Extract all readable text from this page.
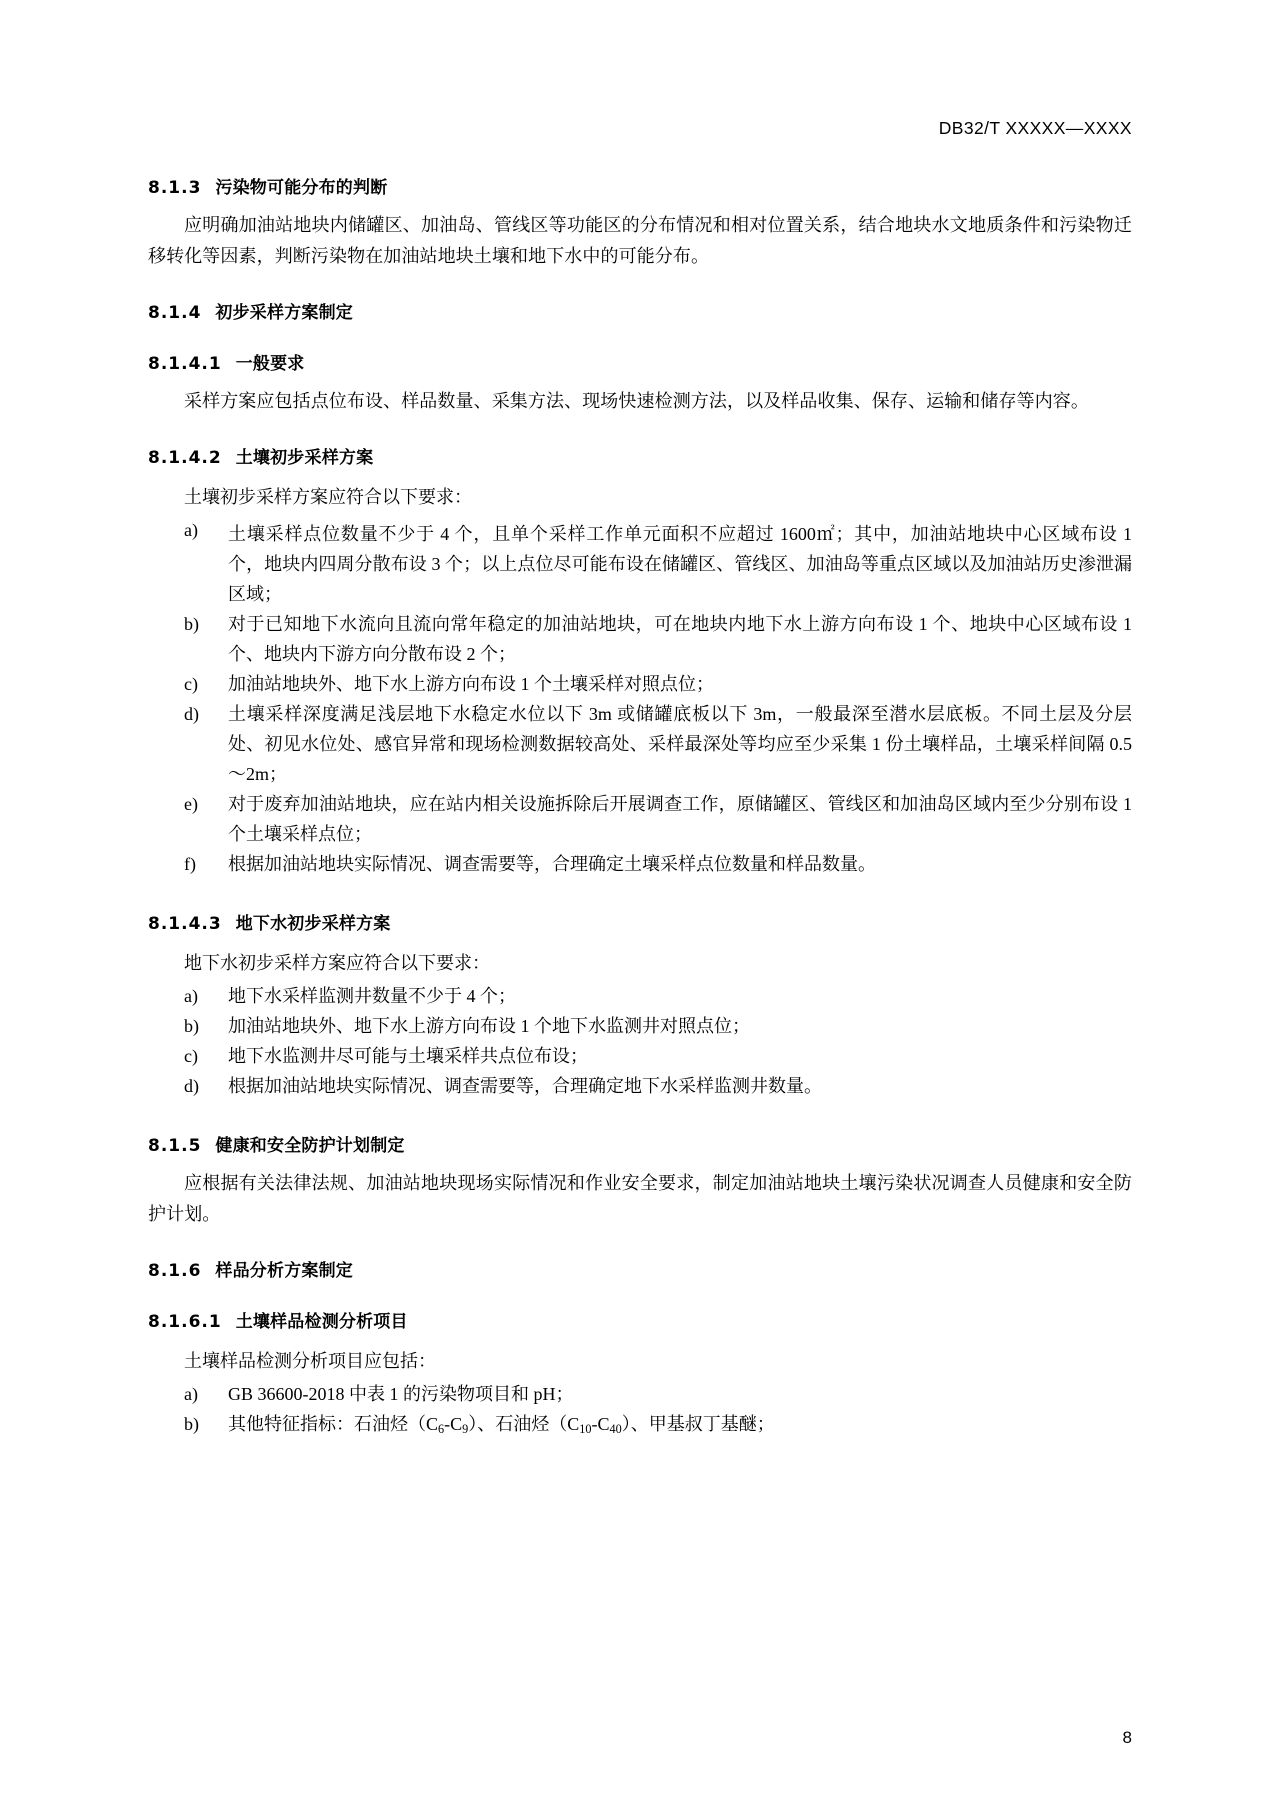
DB32/T XXXXX—XXXX
8.1.3 污染物可能分布的判断

应明确加油站地块内储罐区、加油岛、管线区等功能区的分布情况和相对位置关系，结合地块水文地质条件和污染物迁移转化等因素，判断污染物在加油站地块土壤和地下水中的可能分布。

8.1.4 初步采样方案制定
8.1.4.1 一般要求

采样方案应包括点位布设、样品数量、采集方法、现场快速检测方法，以及样品收集、保存、运输和储存等内容。

8.1.4.2 土壤初步采样方案

土壤初步采样方案应符合以下要求：

a)	土壤采样点位数量不少于 4 个，且单个采样工作单元面积不应超过 1600㎡；其中，加油站地块中心区域布设 1 个，地块内四周分散布设 3 个；以上点位尽可能布设在储罐区、管线区、加油岛等重点区域以及加油站历史渗泄漏区域；
b)	对于已知地下水流向且流向常年稳定的加油站地块，可在地块内地下水上游方向布设 1 个、地块中心区域布设 1 个、地块内下游方向分散布设 2 个；
c)	加油站地块外、地下水上游方向布设 1 个土壤采样对照点位；
d)	土壤采样深度满足浅层地下水稳定水位以下 3m 或储罐底板以下 3m，一般最深至潜水层底板。不同土层及分层处、初见水位处、感官异常和现场检测数据较高处、采样最深处等均应至少采集 1 份土壤样品，土壤采样间隔 0.5～2m；
e)	对于废弃加油站地块，应在站内相关设施拆除后开展调查工作，原储罐区、管线区和加油岛区域内至少分别布设 1 个土壤采样点位；
f)	根据加油站地块实际情况、调查需要等，合理确定土壤采样点位数量和样品数量。
8.1.4.3 地下水初步采样方案

地下水初步采样方案应符合以下要求：

a)	地下水采样监测井数量不少于 4 个；
b)	加油站地块外、地下水上游方向布设 1 个地下水监测井对照点位；
c)	地下水监测井尽可能与土壤采样共点位布设；
d)	根据加油站地块实际情况、调查需要等，合理确定地下水采样监测井数量。
8.1.5 健康和安全防护计划制定

应根据有关法律法规、加油站地块现场实际情况和作业安全要求，制定加油站地块土壤污染状况调查人员健康和安全防护计划。

8.1.6 样品分析方案制定
8.1.6.1 土壤样品检测分析项目

土壤样品检测分析项目应包括：

a)	GB 36600-2018 中表 1 的污染物项目和 pH；
b)	其他特征指标：石油烃$(C_6-C_9)$、石油烃$(C_{10}-C_{40})$、甲基叔丁基醚；
8
